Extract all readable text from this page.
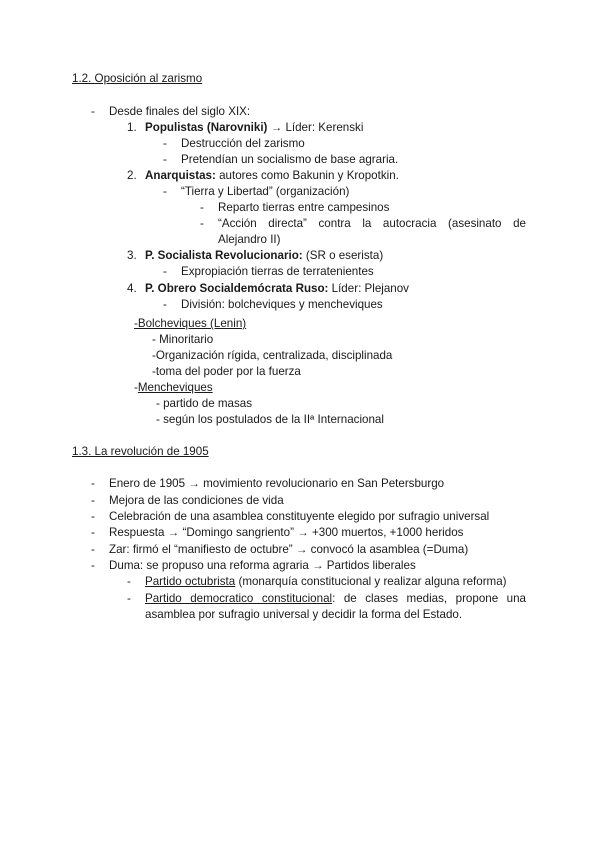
1.2. Oposición al zarismo
- Desde finales del siglo XIX:
1. Populistas (Narovniki) → Líder: Kerenski
- Destrucción del zarismo
- Pretendían un socialismo de base agraria.
2. Anarquistas: autores como Bakunin y Kropotkin.
- “Tierra y Libertad” (organización)
- Reparto tierras entre campesinos
- “Acción directa” contra la autocracia (asesinato de
Alejandro II)
3. P. Socialista Revolucionario: (SR o eserista)
- Expropiación tierras de terratenientes
4. P. Obrero Socialdemócrata Ruso: Líder: Plejanov
- División: bolcheviques y mencheviques
-Bolcheviques (Lenin)
- Minoritario
-Organización rígida, centralizada, disciplinada
-toma del poder por la fuerza
-Mencheviques
- partido de masas
- según los postulados de la IIª Internacional
1.3. La revolución de 1905
- Enero de 1905 → movimiento revolucionario en San Petersburgo
- Mejora de las condiciones de vida
- Celebración de una asamblea constituyente elegido por sufragio universal
- Respuesta → “Domingo sangriento” → +300 muertos, +1000 heridos
- Zar: firmó el “manifiesto de octubre” → convocó la asamblea (=Duma)
- Duma: se propuso una reforma agraria → Partidos liberales
- Partido octubrista (monarquía constitucional y realizar alguna reforma)
- Partido democratico constitucional: de clases medias, propone una
asamblea por sufragio universal y decidir la forma del Estado.
